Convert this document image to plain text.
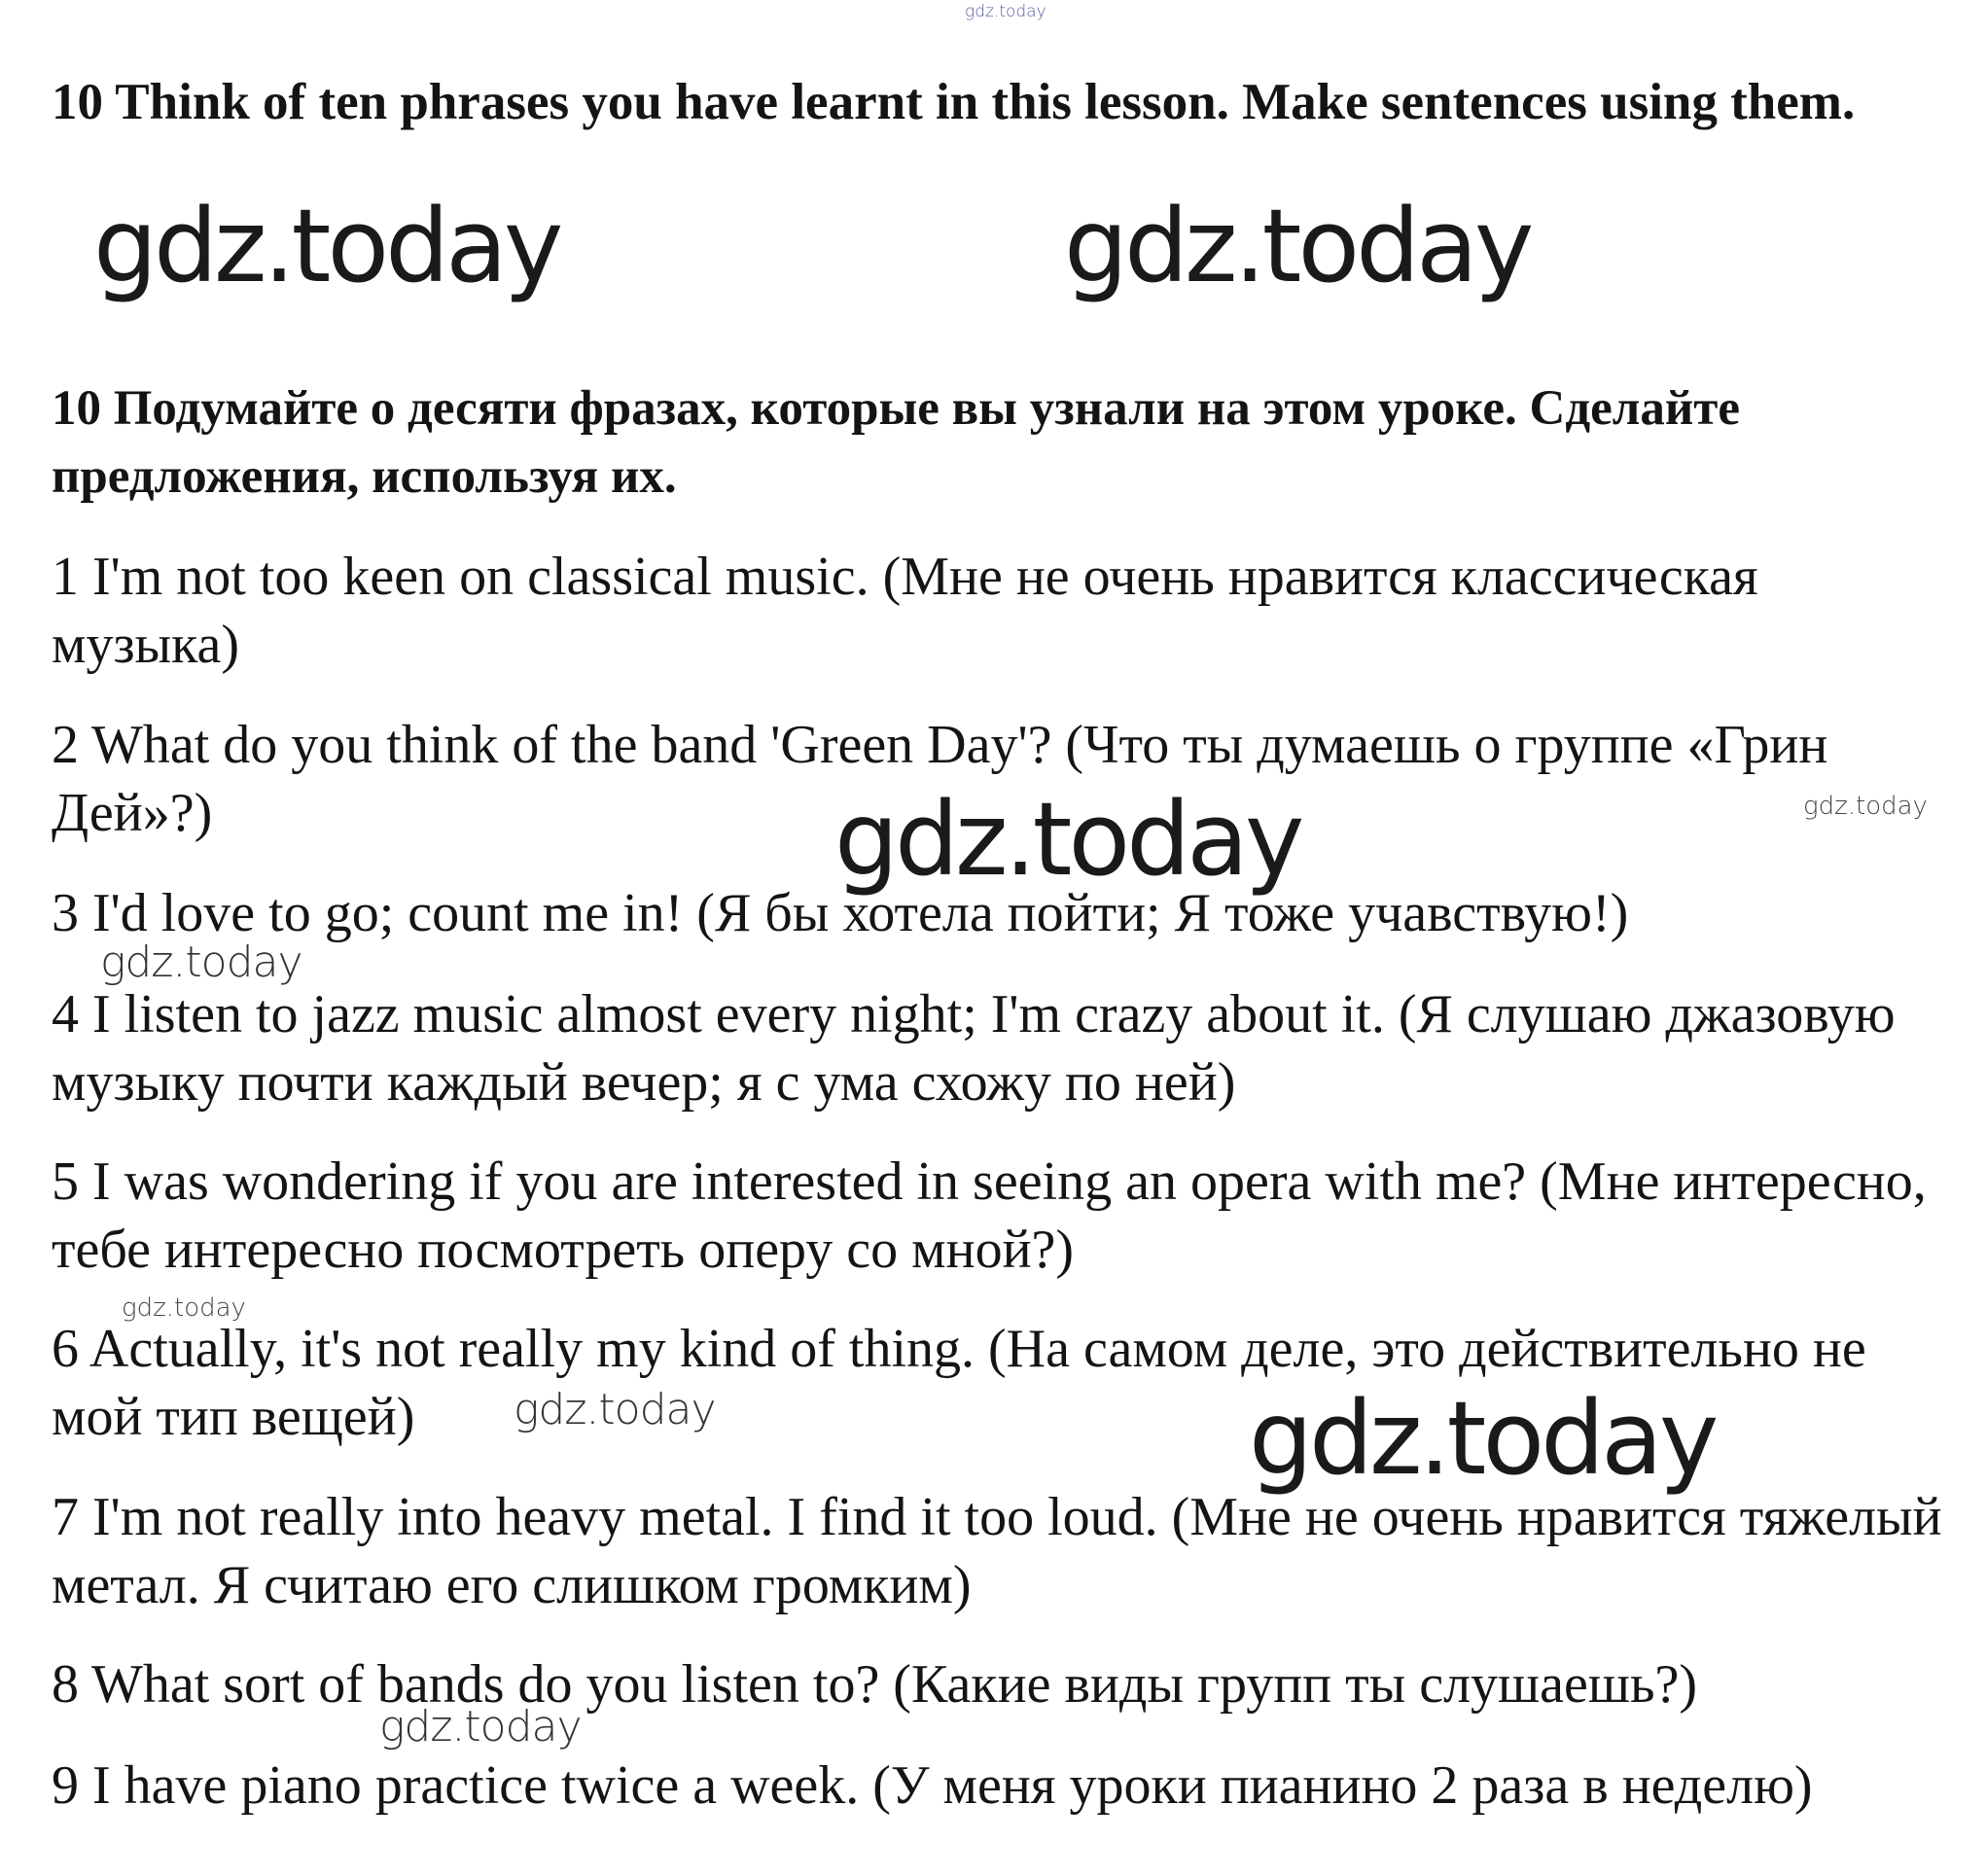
gdz.today

10 Think of ten phrases you have learnt in this lesson. Make sentences using them.

gdz.today	gdz.today

10 Подумайте о десяти фразах, которые вы узнали на этом уроке. Сделайте предложения, используя их.

1 I'm not too keen on classical music. (Мне не очень нравится классическая музыка)

2 What do you think of the band 'Green Day'? (Что ты думаешь о группе «Грин Дей»?)	gdz.today
gdz.today

3 I'd love to go; count me in! (Я бы хотела пойти; Я тоже учавствую!)

gdz.today

4 I listen to jazz music almost every night; I'm crazy about it. (Я слушаю джазовую музыку почти каждый вечер; я с ума схожу по ней)

5 I was wondering if you are interested in seeing an opera with me? (Мне интересно, тебе интересно посмотреть оперу со мной?)

gdz.today

6 Actually, it's not really my kind of thing. (На самом деле, это действительно не мой тип вещей)	gdz.today	gdz.today

7 I'm not really into heavy metal. I find it too loud. (Мне не очень нравится тяжелый метал. Я считаю его слишком громким)

8 What sort of bands do you listen to? (Какие виды групп ты слушаешь?)

gdz.today

9 I have piano practice twice a week. (У меня уроки пианино 2 раза в неделю)
